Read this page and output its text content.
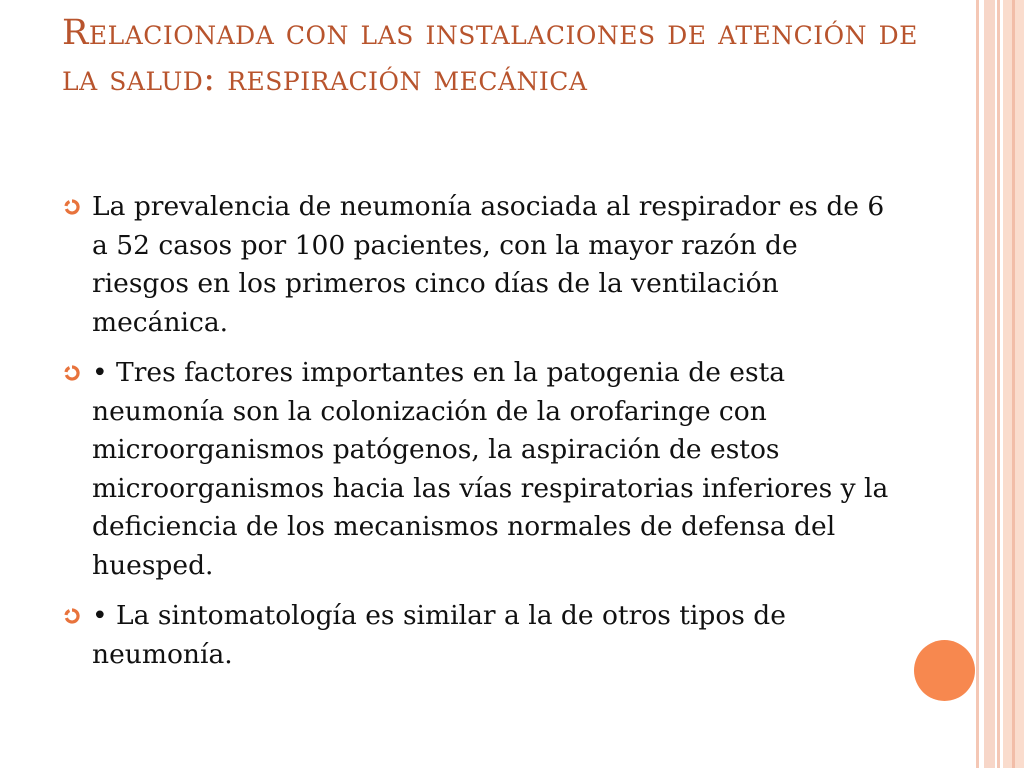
Relacionada con las instalaciones de atención de la salud: respiración mecánica
La prevalencia de neumonía asociada al respirador es de 6 a 52 casos por 100 pacientes, con la mayor razón de riesgos en los primeros cinco días de la ventilación mecánica.
• Tres factores importantes en la patogenia de esta neumonía son la colonización de la orofaringe con microorganismos patógenos, la aspiración de estos microorganismos hacia las vías respiratorias inferiores y la deficiencia de los mecanismos normales de defensa del huesped.
• La sintomatología es similar a la de otros tipos de neumonía.
